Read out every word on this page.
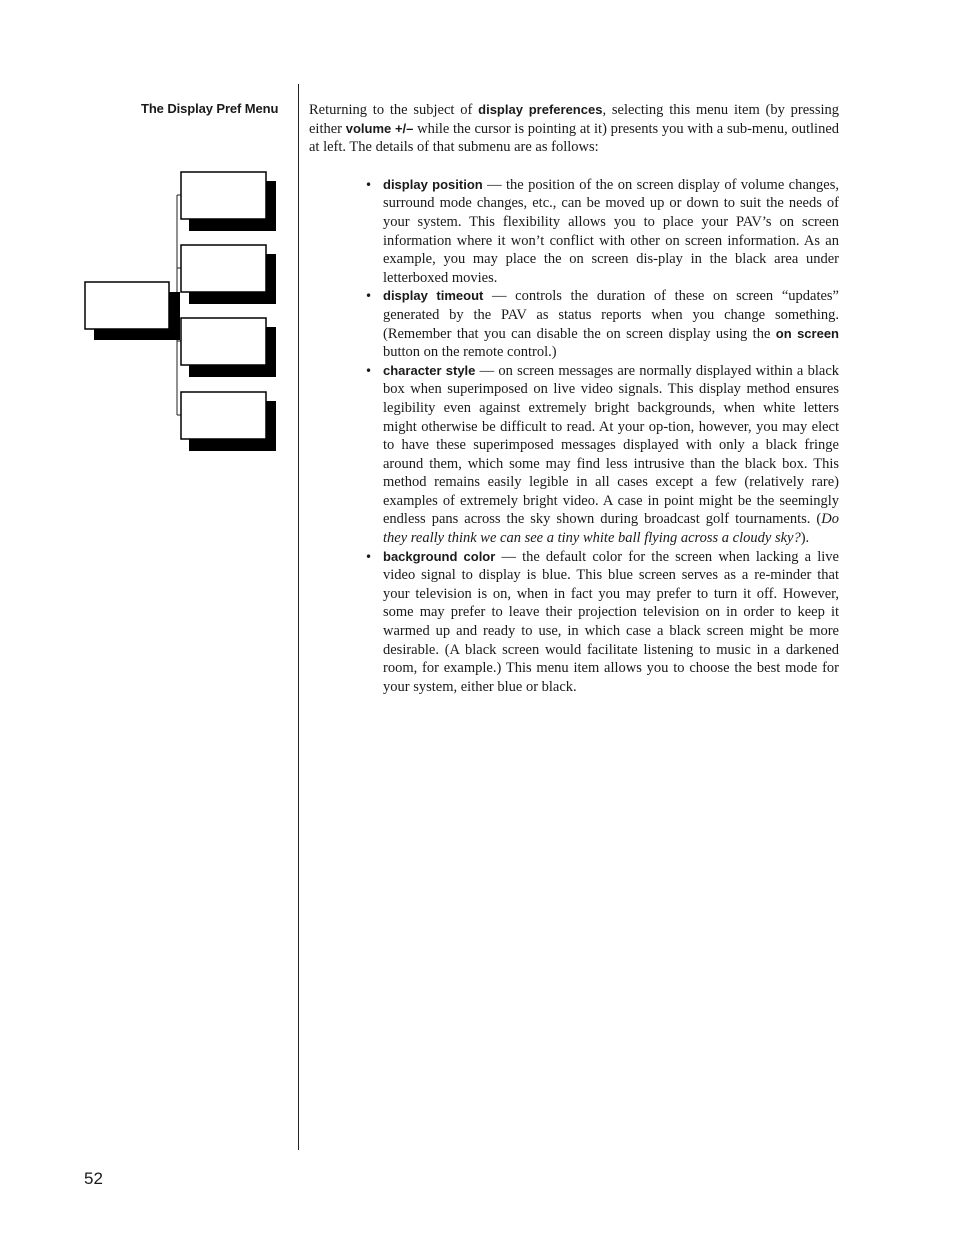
The Display Pref Menu	Returning to the subject of display preferences, selecting this menu item (by pressing either volume +/– while the cursor is pointing at it) presents you with a sub-menu, outlined at left. The details of that submenu are as follows:

• display position — the position of the on screen display of volume changes, surround mode changes, etc., can be moved up or down to suit the needs of your system. This flexibility allows you to place your PAV’s on screen information where it won’t conflict with other on screen information. As an example, you may place the on screen dis-play in the black area under letterboxed movies.
• display timeout — controls the duration of these on screen “updates” generated by the PAV as status reports when you change something. (Remember that you can disable the on screen display using the on screen button on the remote control.)
• character style — on screen messages are normally displayed within a black box when superimposed on live video signals. This display method ensures legibility even against extremely bright backgrounds, when white letters might otherwise be difficult to read. At your op-tion, however, you may elect to have these superimposed messages displayed with only a black fringe around them, which some may find less intrusive than the black box. This method remains easily legible in all cases except a few (relatively rare) examples of extremely bright video. A case in point might be the seemingly endless pans across the sky shown during broadcast golf tournaments. (Do they really think we can see a tiny white ball flying across a cloudy sky?).
• background color — the default color for the screen when lacking a live video signal to display is blue. This blue screen serves as a re-minder that your television is on, when in fact you may prefer to turn it off. However, some may prefer to leave their projection television on in order to keep it warmed up and ready to use, in which case a black screen might be more desirable. (A black screen would facilitate listening to music in a darkened room, for example.) This menu item allows you to choose the best mode for your system, either blue or black.
52
